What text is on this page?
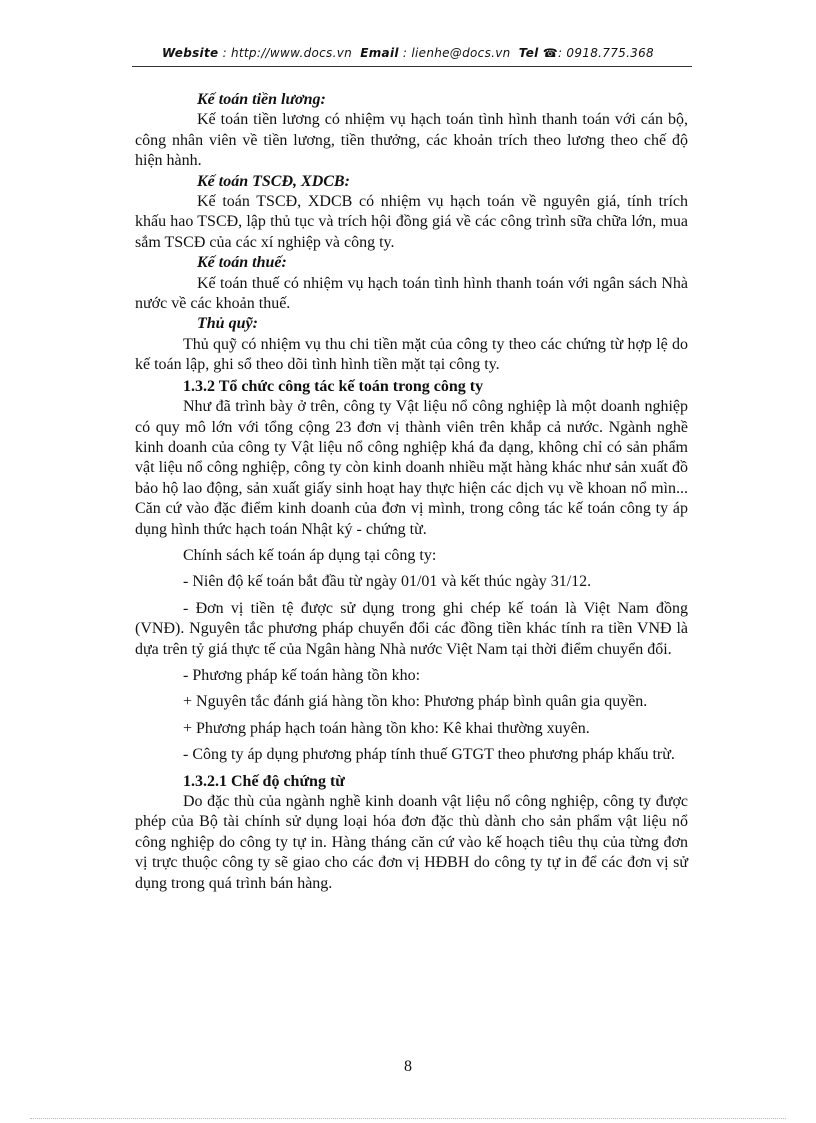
Website : http://www.docs.vn Email : lienhe@docs.vn Tel ☎: 0918.775.368

Kế toán tiền lương:

Kế toán tiền lương có nhiệm vụ hạch toán tình hình thanh toán với cán bộ, công nhân viên về tiền lương, tiền thưởng, các khoản trích theo lương theo chế độ hiện hành.

Kế toán TSCĐ, XDCB:

Kế toán TSCĐ, XDCB có nhiệm vụ hạch toán về nguyên giá, tính trích khấu hao TSCĐ, lập thủ tục và trích hội đồng giá về các công trình sữa chữa lớn, mua sắm TSCĐ của các xí nghiệp và công ty.

Kế toán thuế:

Kế toán thuế có nhiệm vụ hạch toán tình hình thanh toán với ngân sách Nhà nước về các khoản thuế.

Thủ quỹ:

Thủ quỹ có nhiệm vụ thu chi tiền mặt của công ty theo các chứng từ hợp lệ do kế toán lập, ghi sổ theo dõi tình hình tiền mặt tại công ty.

1.3.2 Tổ chức công tác kế toán trong công ty

Như đã trình bày ở trên, công ty Vật liệu nổ công nghiệp là một doanh nghiệp có quy mô lớn với tổng cộng 23 đơn vị thành viên trên khắp cả nước. Ngành nghề kinh doanh của công ty Vật liệu nổ công nghiệp khá đa dạng, không chỉ có sản phẩm vật liệu nổ công nghiệp, công ty còn kinh doanh nhiều mặt hàng khác như sản xuất đồ bảo hộ lao động, sản xuất giấy sinh hoạt hay thực hiện các dịch vụ về khoan nổ mìn... Căn cứ vào đặc điểm kinh doanh của đơn vị mình, trong công tác kế toán công ty áp dụng hình thức hạch toán Nhật ký - chứng từ.

Chính sách kế toán áp dụng tại công ty:

- Niên độ kế toán bắt đầu từ ngày 01/01 và kết thúc ngày 31/12.

- Đơn vị tiền tệ được sử dụng trong ghi chép kế toán là Việt Nam đồng (VNĐ). Nguyên tắc phương pháp chuyển đổi các đồng tiền khác tính ra tiền VNĐ là dựa trên tỷ giá thực tế của Ngân hàng Nhà nước Việt Nam tại thời điểm chuyển đổi.

- Phương pháp kế toán hàng tồn kho:

+ Nguyên tắc đánh giá hàng tồn kho: Phương pháp bình quân gia quyền.

+ Phương pháp hạch toán hàng tồn kho: Kê khai thường xuyên.

- Công ty áp dụng phương pháp tính thuế GTGT theo phương pháp khấu trừ.

1.3.2.1 Chế độ chứng từ

Do đặc thù của ngành nghề kinh doanh vật liệu nổ công nghiệp, công ty được phép của Bộ tài chính sử dụng loại hóa đơn đặc thù dành cho sản phẩm vật liệu nổ công nghiệp do công ty tự in. Hàng tháng căn cứ vào kế hoạch tiêu thụ của từng đơn vị trực thuộc công ty sẽ giao cho các đơn vị HĐBH do công ty tự in để các đơn vị sử dụng trong quá trình bán hàng.

8
